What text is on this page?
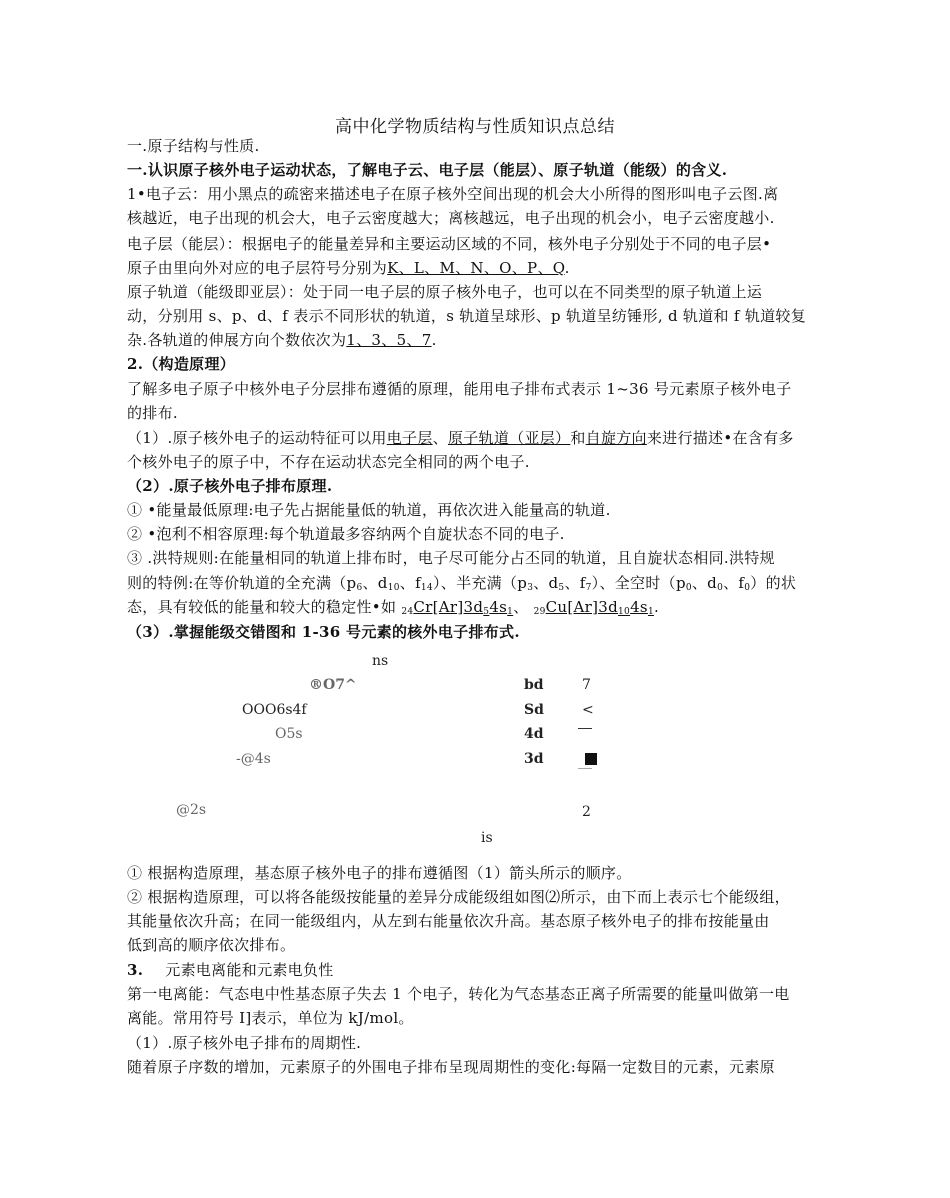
高中化学物质结构与性质知识点总结
一.原子结构与性质.
一.认识原子核外电子运动状态，了解电子云、电子层（能层）、原子轨道（能级）的含义.
1•电子云：用小黑点的疏密来描述电子在原子核外空间出现的机会大小所得的图形叫电子云图.离
核越近，电子出现的机会大，电子云密度越大；离核越远，电子出现的机会小，电子云密度越小.
电子层（能层）：根据电子的能量差异和主要运动区域的不同，核外电子分别处于不同的电子层•
原子由里向外对应的电子层符号分别为K、L、M、N、O、P、Q.
原子轨道（能级即亚层）：处于同一电子层的原子核外电子，也可以在不同类型的原子轨道上运
动，分别用 s、p、d、f 表示不同形状的轨道，s 轨道呈球形、p 轨道呈纺锤形, d 轨道和 f 轨道较复
杂.各轨道的伸展方向个数依次为1、3、5、7.
2.（构造原理）
了解多电子原子中核外电子分层排布遵循的原理，能用电子排布式表示 1~36 号元素原子核外电子
的排布.
（1）.原子核外电子的运动特征可以用电子层、原子轨道（亚层）和自旋方向来进行描述•在含有多
个核外电子的原子中，不存在运动状态完全相同的两个电子.
（2）.原子核外电子排布原理.
① •能量最低原理:电子先占据能量低的轨道，再依次进入能量高的轨道.
② •泡利不相容原理:每个轨道最多容纳两个自旋状态不同的电子.
③ .洪特规则:在能量相同的轨道上排布时，电子尽可能分占丕同的轨道，且自旋状态相同.洪特规
则的特例:在等价轨道的全充满（$p_6$、$d_{10}$、$f_{14}$）、半充满（$p_3$、$d_5$、$f_7$）、全空时（$p_0$、$d_0$、$f_0$）的状
态，具有较低的能量和较大的稳定性•如 $_{24}Cr[Ar]3d_54s_1$、 $_{29}Cu[Ar]3d_{10}4s_1$.
（3）.掌握能级交错图和 1-36 号元素的核外电子排布式.
ns
®O7^	bd	7
OOO6s4f	Sd	<
O5s	4d
-@4s	3d
@2s	2
is
① 根据构造原理，基态原子核外电子的排布遵循图（1）箭头所示的顺序。
② 根据构造原理，可以将各能级按能量的差异分成能级组如图⑵所示，由下而上表示七个能级组，
其能量依次升高；在同一能级组内，从左到右能量依次升高。基态原子核外电子的排布按能量由
低到高的顺序依次排布。
3. 元素电离能和元素电负性
第一电离能：气态电中性基态原子失去 1 个电子，转化为气态基态正离子所需要的能量叫做第一电
离能。常用符号 I]表示，单位为 kJ/mol。
（1）.原子核外电子排布的周期性.
随着原子序数的增加，元素原子的外围电子排布呈现周期性的变化:每隔一定数目的元素，元素原
